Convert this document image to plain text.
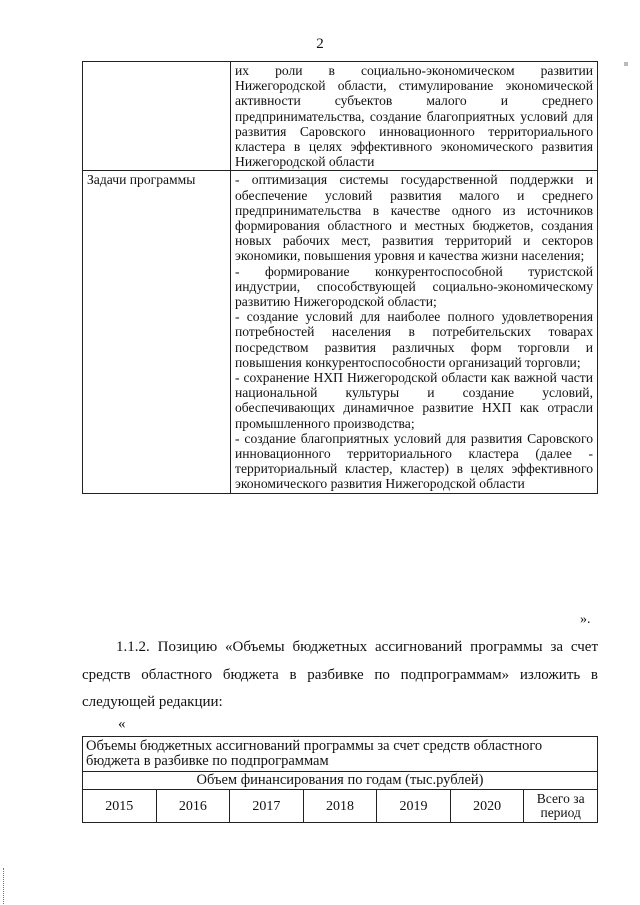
2

	их роли в социально-экономическом развитии Нижегородской области, стимулирование экономической активности субъектов малого и среднего предпринимательства, создание благоприятных условий для развития Саровского инновационного территориального кластера в целях эффективного экономического развития Нижегородской области

Задачи программы	- оптимизация системы государственной поддержки и обеспечение условий развития малого и среднего предпринимательства в качестве одного из источников формирования областного и местных бюджетов, создания новых рабочих мест, развития территорий и секторов экономики, повышения уровня и качества жизни населения;

- формирование конкурентоспособной туристской индустрии, способствующей социально-экономическому развитию Нижегородской области;

- создание условий для наиболее полного удовлетворения потребностей населения в потребительских товарах посредством развития различных форм торговли и повышения конкурентоспособности организаций торговли;

- сохранение НХП Нижегородской области как важной части национальной культуры и создание условий, обеспечивающих динамичное развитие НХП как отрасли промышленного производства;

- создание благоприятных условий для развития Саровского инновационного территориального кластера (далее - территориальный кластер, кластер) в целях эффективного экономического развития Нижегородской области

».

1.1.2. Позицию «Объемы бюджетных ассигнований программы за счет средств областного бюджета в разбивке по подпрограммам» изложить в следующей редакции:

«
Объемы бюджетных ассигнований программы за счет средств областного бюджета в разбивке по подпрограммам
Объем финансирования по годам (тыс.рублей)
2015	2016	2017	2018	2019	2020	Всего за период
